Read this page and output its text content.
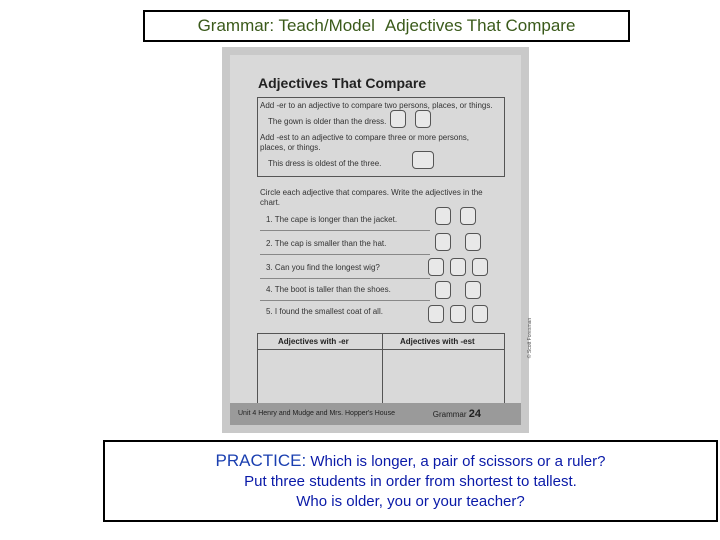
Grammar: Teach/Model Adjectives That Compare
Adjectives That Compare
Add -er to an adjective to compare two persons, places, or things.
The gown is older than the dress.
Add -est to an adjective to compare three or more persons,
places, or things.
This dress is oldest of the three.
Circle each adjective that compares. Write the adjectives in the chart.
1. The cape is longer than the jacket.
2. The cap is smaller than the hat.
3. Can you find the longest wig?
4. The boot is taller than the shoes.
5. I found the smallest coat of all.
Adjectives with -er	Adjectives with -est	© Scott Foresman
Unit 4 Henry and Mudge and Mrs. Hopper's House	Grammar 24
PRACTICE: Which is longer, a pair of scissors or a ruler?
Put three students in order from shortest to tallest.
Who is older, you or your teacher?
